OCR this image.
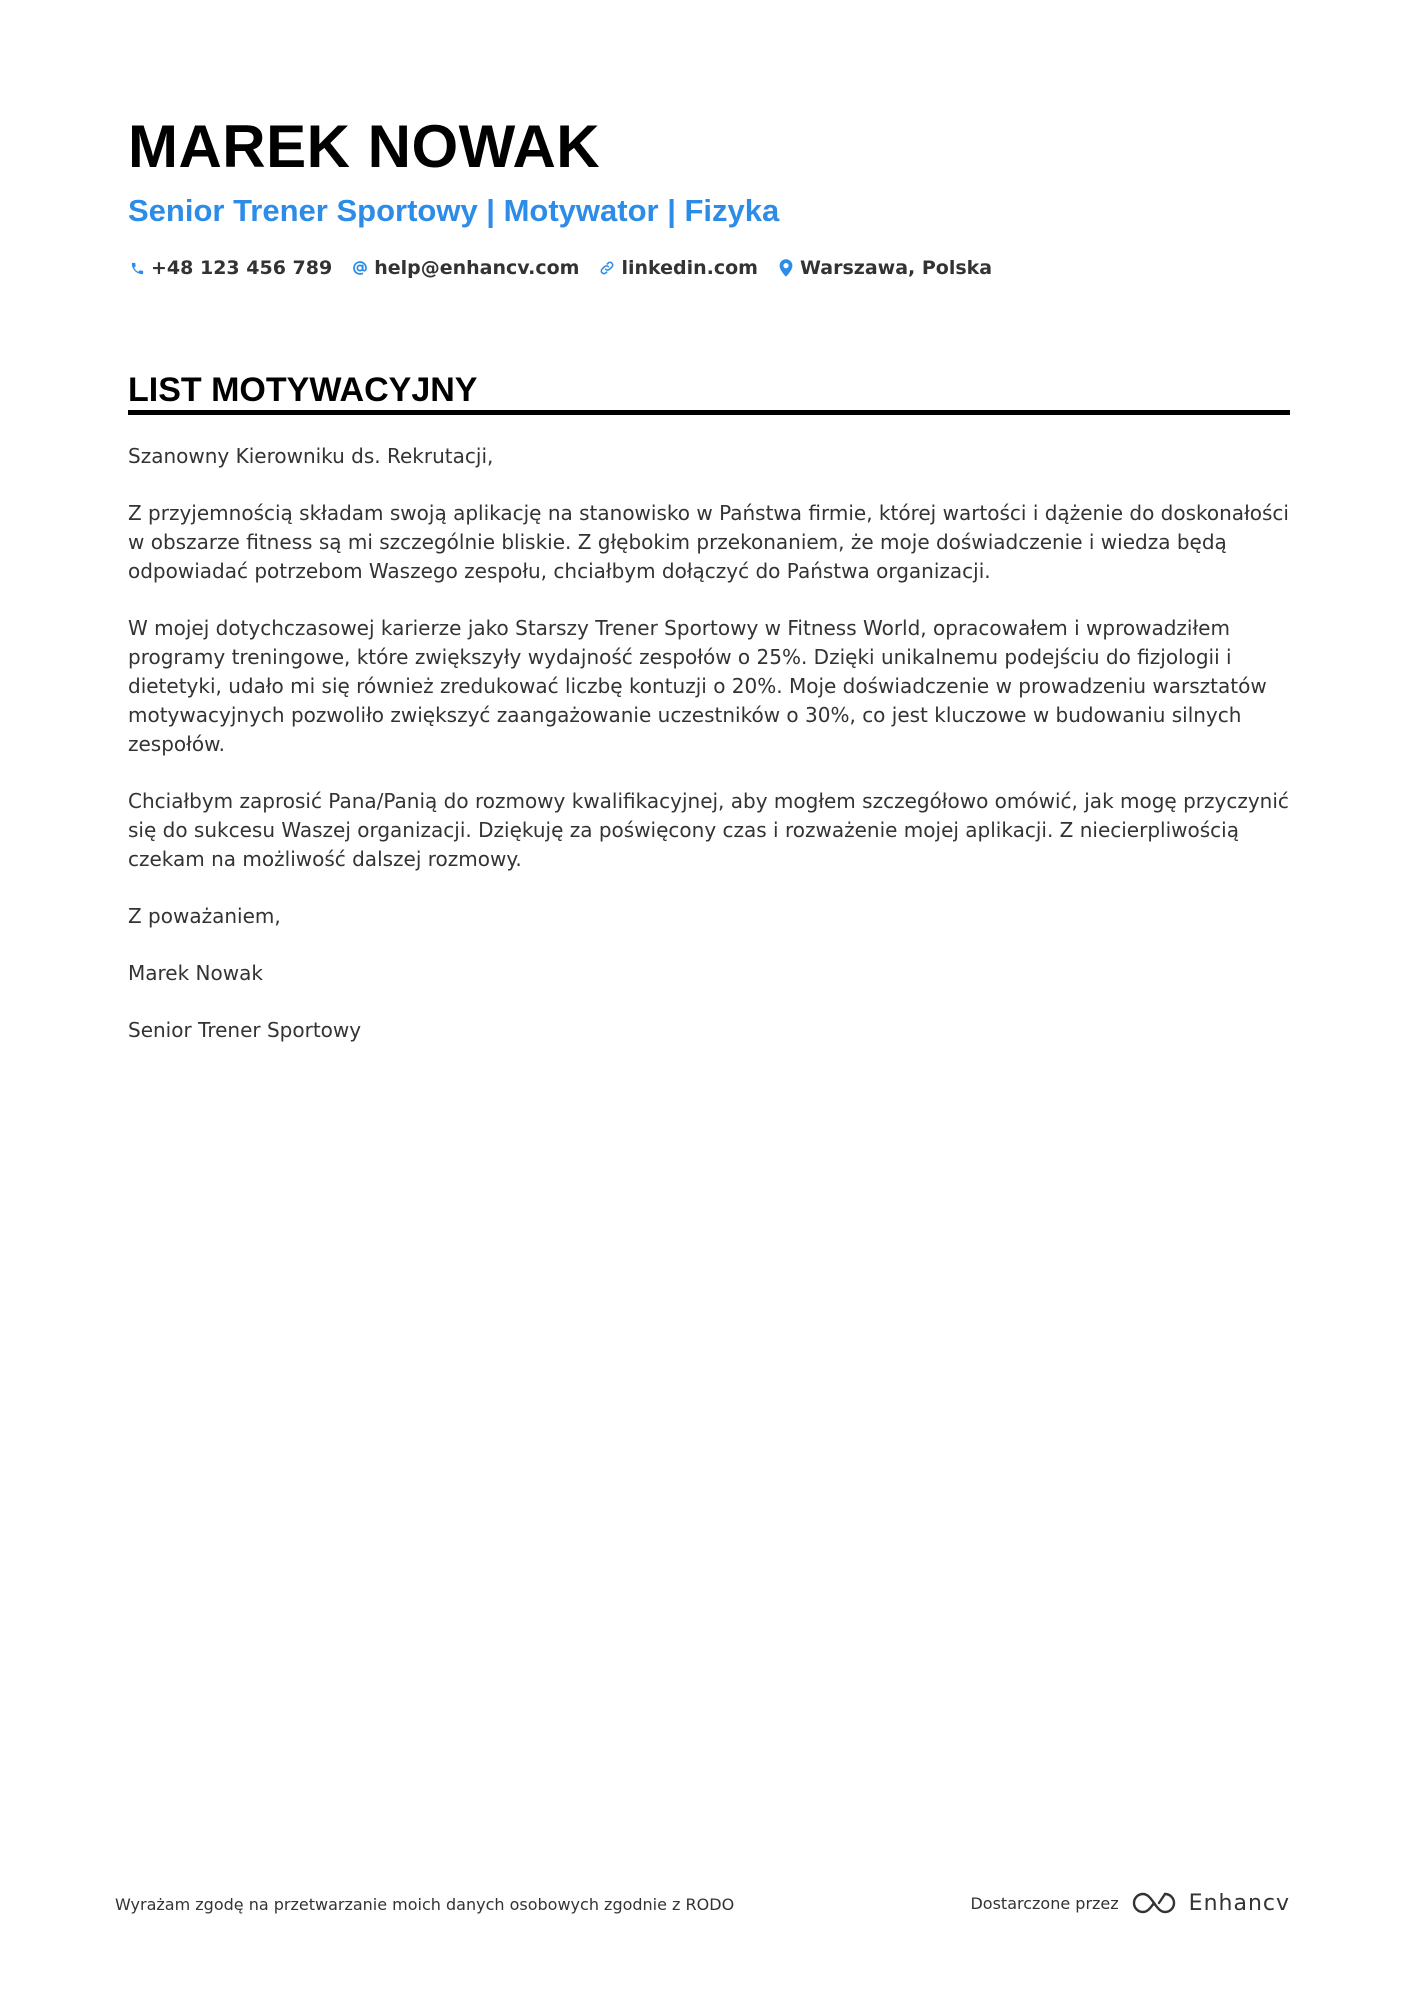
MAREK NOWAK
Senior Trener Sportowy | Motywator | Fizyka
+48 123 456 789 help@enhancv.com linkedin.com Warszawa, Polska
LIST MOTYWACYJNY

Szanowny Kierowniku ds. Rekrutacji,

Z przyjemnością składam swoją aplikację na stanowisko w Państwa firmie, której wartości i dążenie do doskonałości w obszarze fitness są mi szczególnie bliskie. Z głębokim przekonaniem, że moje doświadczenie i wiedza będą odpowiadać potrzebom Waszego zespołu, chciałbym dołączyć do Państwa organizacji.

W mojej dotychczasowej karierze jako Starszy Trener Sportowy w Fitness World, opracowałem i wprowadziłem programy treningowe, które zwiększyły wydajność zespołów o 25%. Dzięki unikalnemu podejściu do fizjologii i dietetyki, udało mi się również zredukować liczbę kontuzji o 20%. Moje doświadczenie w prowadzeniu warsztatów motywacyjnych pozwoliło zwiększyć zaangażowanie uczestników o 30%, co jest kluczowe w budowaniu silnych zespołów.

Chciałbym zaprosić Pana/Panią do rozmowy kwalifikacyjnej, aby mogłem szczegółowo omówić, jak mogę przyczynić się do sukcesu Waszej organizacji. Dziękuję za poświęcony czas i rozważenie mojej aplikacji. Z niecierpliwością czekam na możliwość dalszej rozmowy.

Z poważaniem,

Marek Nowak

Senior Trener Sportowy

Wyrażam zgodę na przetwarzanie moich danych osobowych zgodnie z RODO	Dostarczone przez	Enhancv
